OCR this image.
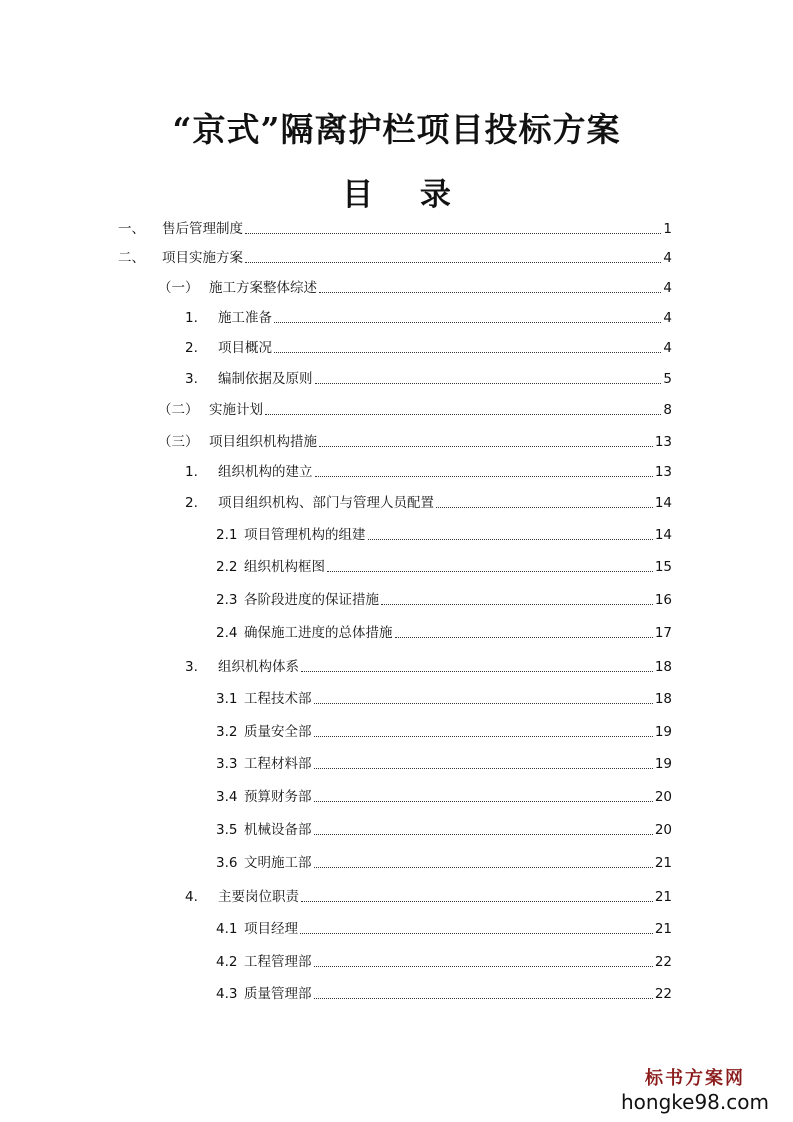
“京式”隔离护栏项目投标方案
目 录
一、	售后管理制度	1
二、	项目实施方案	4
（一） 施工方案整体综述	4
1.	施工准备	4
2.	项目概况	4
3.	编制依据及原则	5
（二） 实施计划	8
（三） 项目组织机构措施	13
1.	组织机构的建立	13
2.	项目组织机构、部门与管理人员配置	14
2.1 项目管理机构的组建	14
2.2 组织机构框图	15
2.3 各阶段进度的保证措施	16
2.4 确保施工进度的总体措施	17
3.	组织机构体系	18
3.1 工程技术部	18
3.2 质量安全部	19
3.3 工程材料部	19
3.4 预算财务部	20
3.5 机械设备部	20
3.6 文明施工部	21
4.	主要岗位职责	21
4.1 项目经理	21
4.2 工程管理部	22
4.3 质量管理部	22
标书方案网
hongke98.com
